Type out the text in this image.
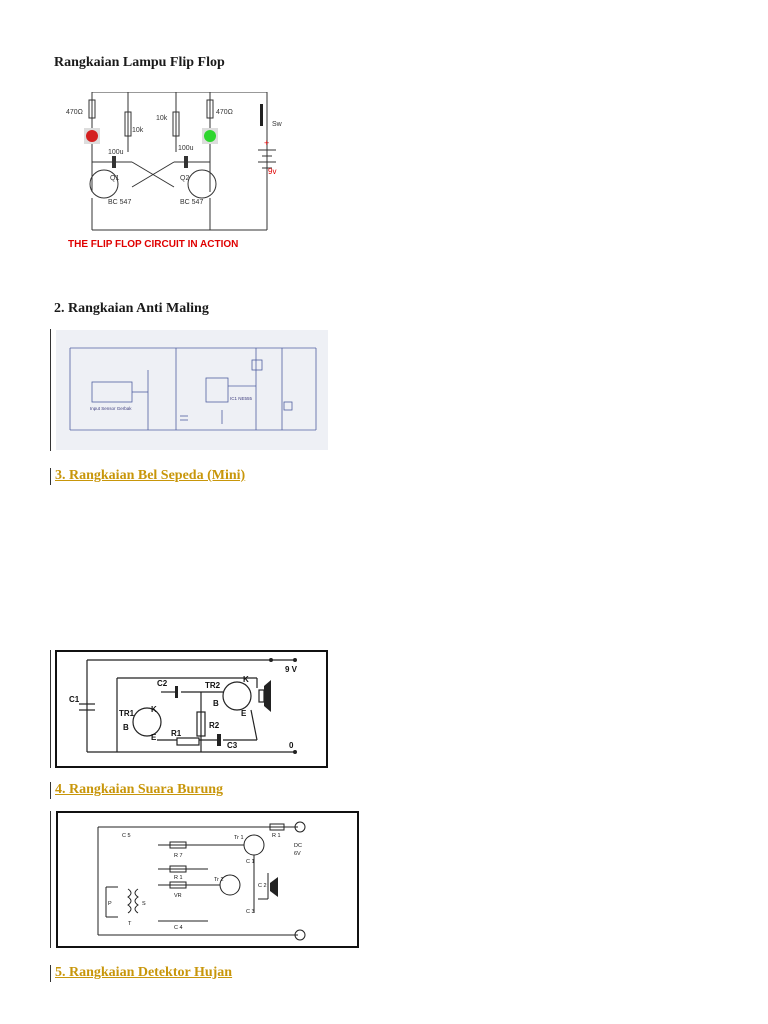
Rangkaian Lampu Flip Flop
470Ω
10k
10k
470Ω
100u
100u
Q1	Q2
BC 547	BC 547
Sw
+
9v
THE FLIP FLOP CIRCUIT IN ACTION
2. Rangkaian Anti Maling
Input Sensor Gerbak
IC1 NE555
3. Rangkaian Bel Sepeda (Mini)
9 V
0
C1
C2
C3
TR1
TR2
R1
R2
K
K
B
B
E
E
4. Rangkaian Suara Burung
C 5
R 7
R 1
VR
C 4
Tr 1
Tr 2
C 1
C 2
C 3
R 1
DC
6V
P	S
T
5. Rangkaian Detektor Hujan
